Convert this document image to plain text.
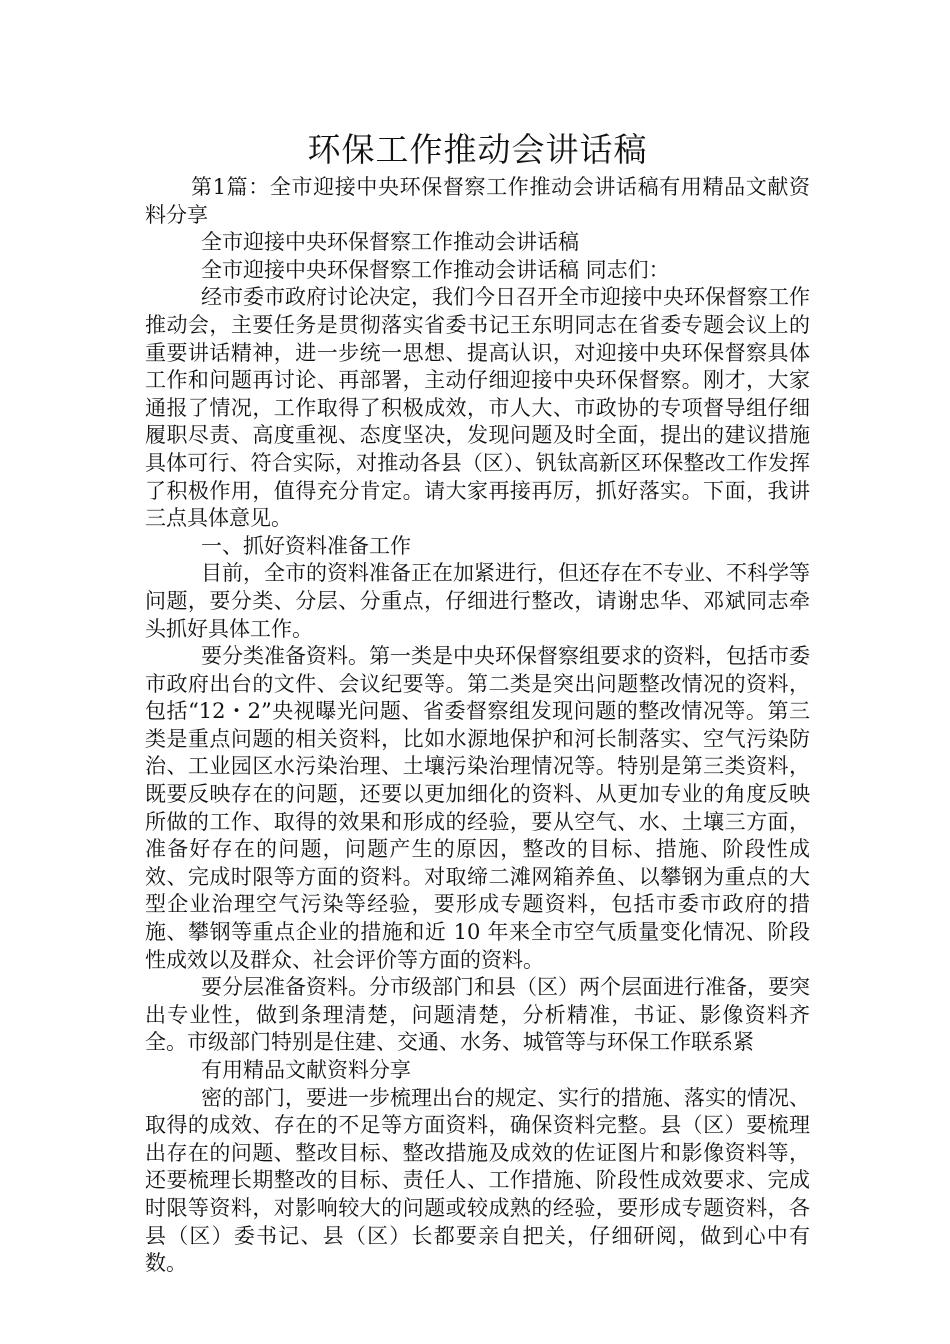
环保工作推动会讲话稿

第1篇：全市迎接中央环保督察工作推动会讲话稿有用精品文献资料分享

全市迎接中央环保督察工作推动会讲话稿

全市迎接中央环保督察工作推动会讲话稿 同志们：

经市委市政府讨论决定，我们今日召开全市迎接中央环保督察工作推动会，主要任务是贯彻落实省委书记王东明同志在省委专题会议上的重要讲话精神，进一步统一思想、提高认识，对迎接中央环保督察具体工作和问题再讨论、再部署，主动仔细迎接中央环保督察。刚才，大家通报了情况，工作取得了积极成效，市人大、市政协的专项督导组仔细履职尽责、高度重视、态度坚决，发现问题及时全面，提出的建议措施具体可行、符合实际，对推动各县（区）、钒钛高新区环保整改工作发挥了积极作用，值得充分肯定。请大家再接再厉，抓好落实。下面，我讲三点具体意见。

一、抓好资料准备工作

目前，全市的资料准备正在加紧进行，但还存在不专业、不科学等问题，要分类、分层、分重点，仔细进行整改，请谢忠华、邓斌同志牵头抓好具体工作。

要分类准备资料。第一类是中央环保督察组要求的资料，包括市委市政府出台的文件、会议纪要等。第二类是突出问题整改情况的资料，包括“12・2”央视曝光问题、省委督察组发现问题的整改情况等。第三类是重点问题的相关资料，比如水源地保护和河长制落实、空气污染防治、工业园区水污染治理、土壤污染治理情况等。特别是第三类资料，既要反映存在的问题，还要以更加细化的资料、从更加专业的角度反映所做的工作、取得的效果和形成的经验，要从空气、水、土壤三方面，准备好存在的问题，问题产生的原因，整改的目标、措施、阶段性成效、完成时限等方面的资料。对取缔二滩网箱养鱼、以攀钢为重点的大型企业治理空气污染等经验，要形成专题资料，包括市委市政府的措施、攀钢等重点企业的措施和近 10 年来全市空气质量变化情况、阶段性成效以及群众、社会评价等方面的资料。

要分层准备资料。分市级部门和县（区）两个层面进行准备，要突出专业性，做到条理清楚，问题清楚，分析精准，书证、影像资料齐全。市级部门特别是住建、交通、水务、城管等与环保工作联系紧

有用精品文献资料分享

密的部门，要进一步梳理出台的规定、实行的措施、落实的情况、取得的成效、存在的不足等方面资料，确保资料完整。县（区）要梳理出存在的问题、整改目标、整改措施及成效的佐证图片和影像资料等，还要梳理长期整改的目标、责任人、工作措施、阶段性成效要求、完成时限等资料，对影响较大的问题或较成熟的经验，要形成专题资料，各县（区）委书记、县（区）长都要亲自把关，仔细研阅，做到心中有数。
